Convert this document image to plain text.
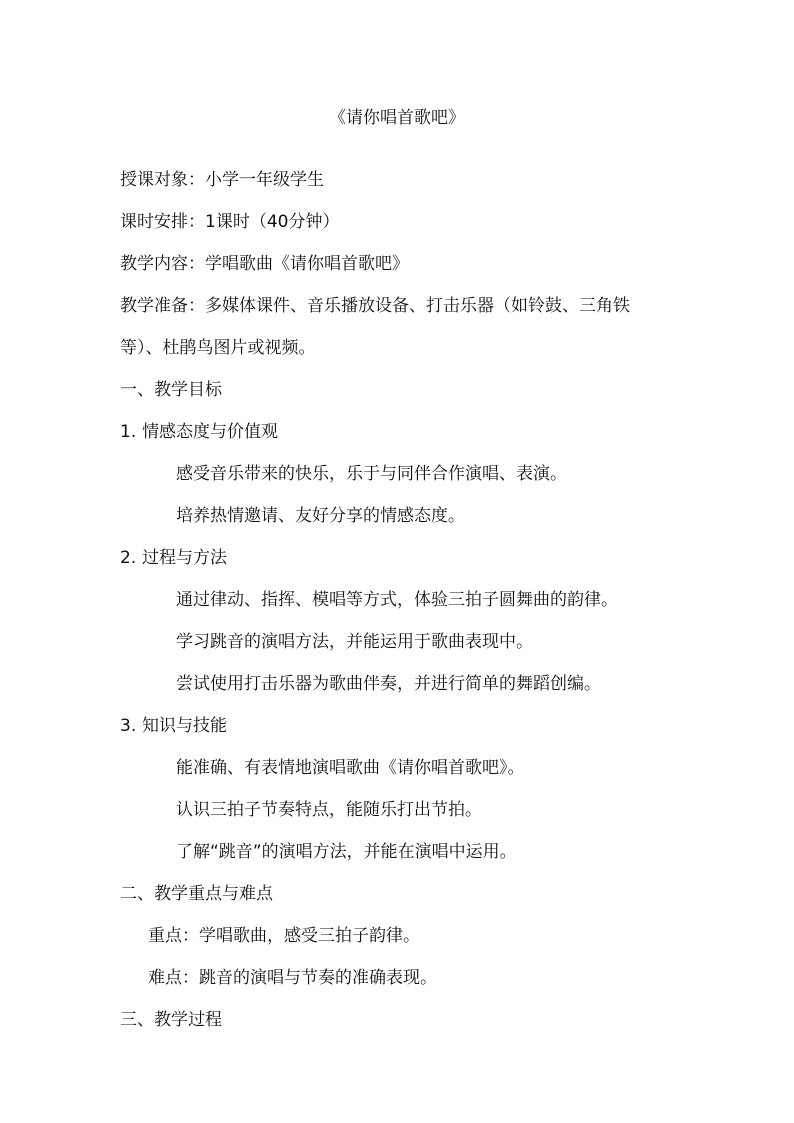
《请你唱首歌吧》
授课对象：小学一年级学生
课时安排：1课时（40分钟）
教学内容：学唱歌曲《请你唱首歌吧》
教学准备：多媒体课件、音乐播放设备、打击乐器（如铃鼓、三角铁
等）、杜鹃鸟图片或视频。
一、教学目标
1. 情感态度与价值观
感受音乐带来的快乐，乐于与同伴合作演唱、表演。
培养热情邀请、友好分享的情感态度。
2. 过程与方法
通过律动、指挥、模唱等方式，体验三拍子圆舞曲的韵律。
学习跳音的演唱方法，并能运用于歌曲表现中。
尝试使用打击乐器为歌曲伴奏，并进行简单的舞蹈创编。
3. 知识与技能
能准确、有表情地演唱歌曲《请你唱首歌吧》。
认识三拍子节奏特点，能随乐打出节拍。
了解“跳音”的演唱方法，并能在演唱中运用。
二、教学重点与难点
重点：学唱歌曲，感受三拍子韵律。
难点：跳音的演唱与节奏的准确表现。
三、教学过程
